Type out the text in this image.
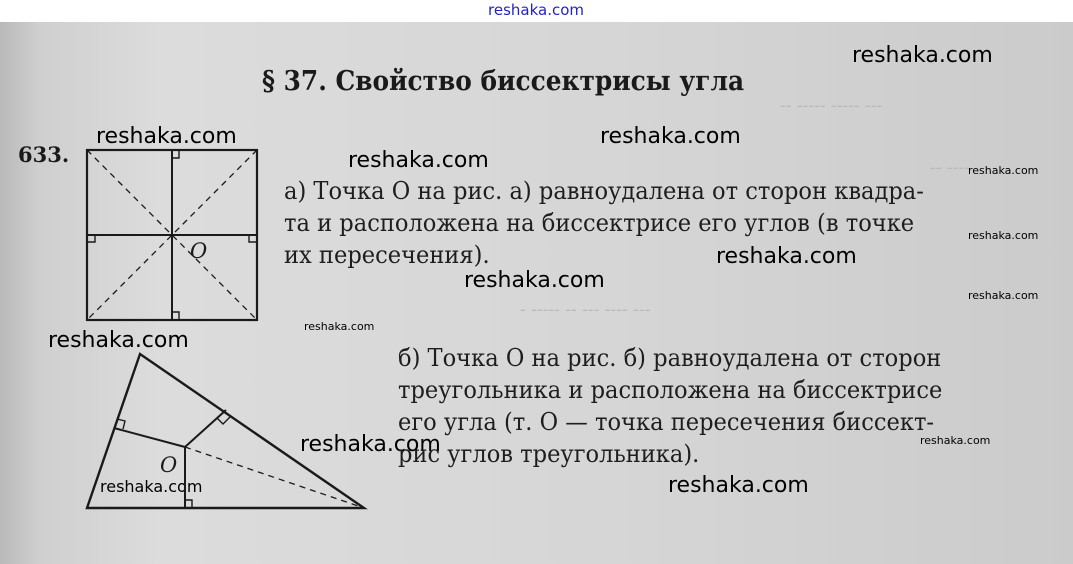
-- ----- ----- ---
-- ----
- ----- -- --- ---- ---
reshaka.com
reshaka.com
reshaka.com	reshaka.com
reshaka.com	reshaka.com
reshaka.com
reshaka.com
reshaka.com
reshaka.com
reshaka.com
reshaka.com
reshaka.com
reshaka.com
reshaka.com
reshaka.com
§ 37. Свойство биссектрисы угла
633.
O
O
а) Точка О на рис. а) равноудалена от сторон квадра-
та и расположена на биссектрисе его углов (в точке
их пересечения).
б) Точка О на рис. б) равноудалена от сторон
треугольника и расположена на биссектрисе
его угла (т. О — точка пересечения биссект-
рис углов треугольника).
